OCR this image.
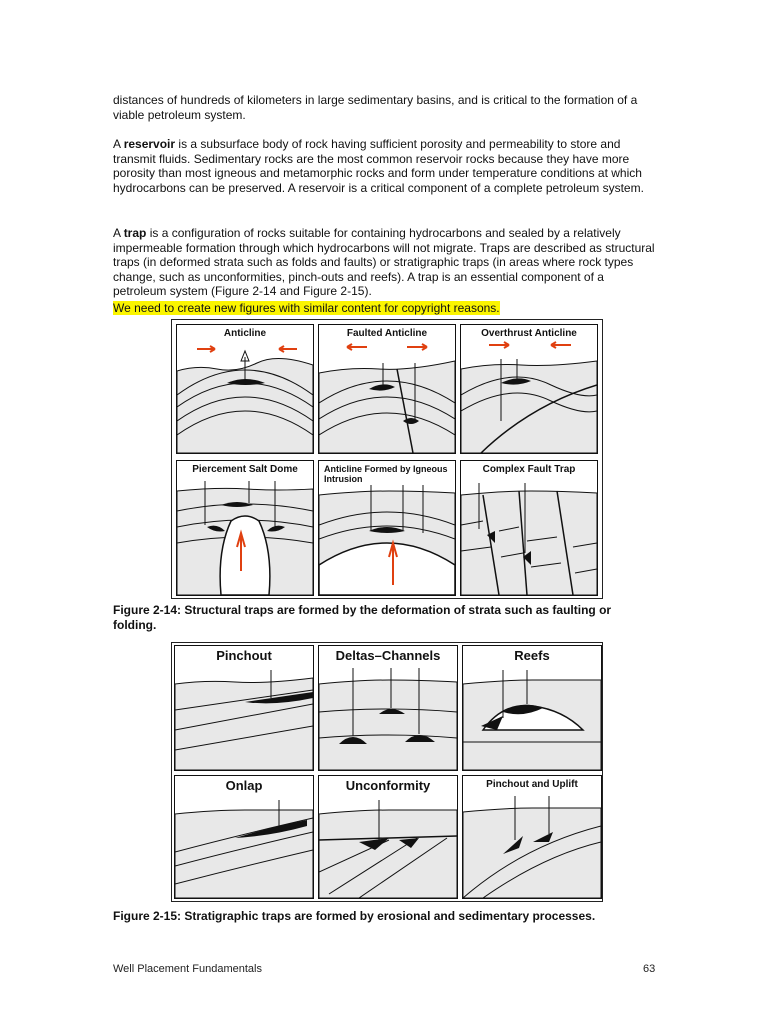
distances of hundreds of kilometers in large sedimentary basins, and is critical to the formation of a viable petroleum system.

A reservoir is a subsurface body of rock having sufficient porosity and permeability to store and transmit fluids. Sedimentary rocks are the most common reservoir rocks because they have more porosity than most igneous and metamorphic rocks and form under temperature conditions at which hydrocarbons can be preserved. A reservoir is a critical component of a complete petroleum system.

A trap is a configuration of rocks suitable for containing hydrocarbons and sealed by a relatively impermeable formation through which hydrocarbons will not migrate. Traps are described as structural traps (in deformed strata such as folds and faults) or stratigraphic traps (in areas where rock types change, such as unconformities, pinch-outs and reefs). A trap is an essential component of a petroleum system (Figure 2-14 and Figure 2-15).

We need to create new figures with similar content for copyright reasons.

Anticline	Faulted Anticline	Overthrust Anticline
Piercement Salt Dome	Anticline Formed by Igneous Intrusion
Complex Fault Trap

Figure 2-14: Structural traps are formed by the deformation of strata such as faulting or folding.

Pinchout	Deltas–Channels	Reefs
Onlap	Unconformity	Pinchout and Uplift

Figure 2-15: Stratigraphic traps are formed by erosional and sedimentary processes.

Well Placement Fundamentals	63
